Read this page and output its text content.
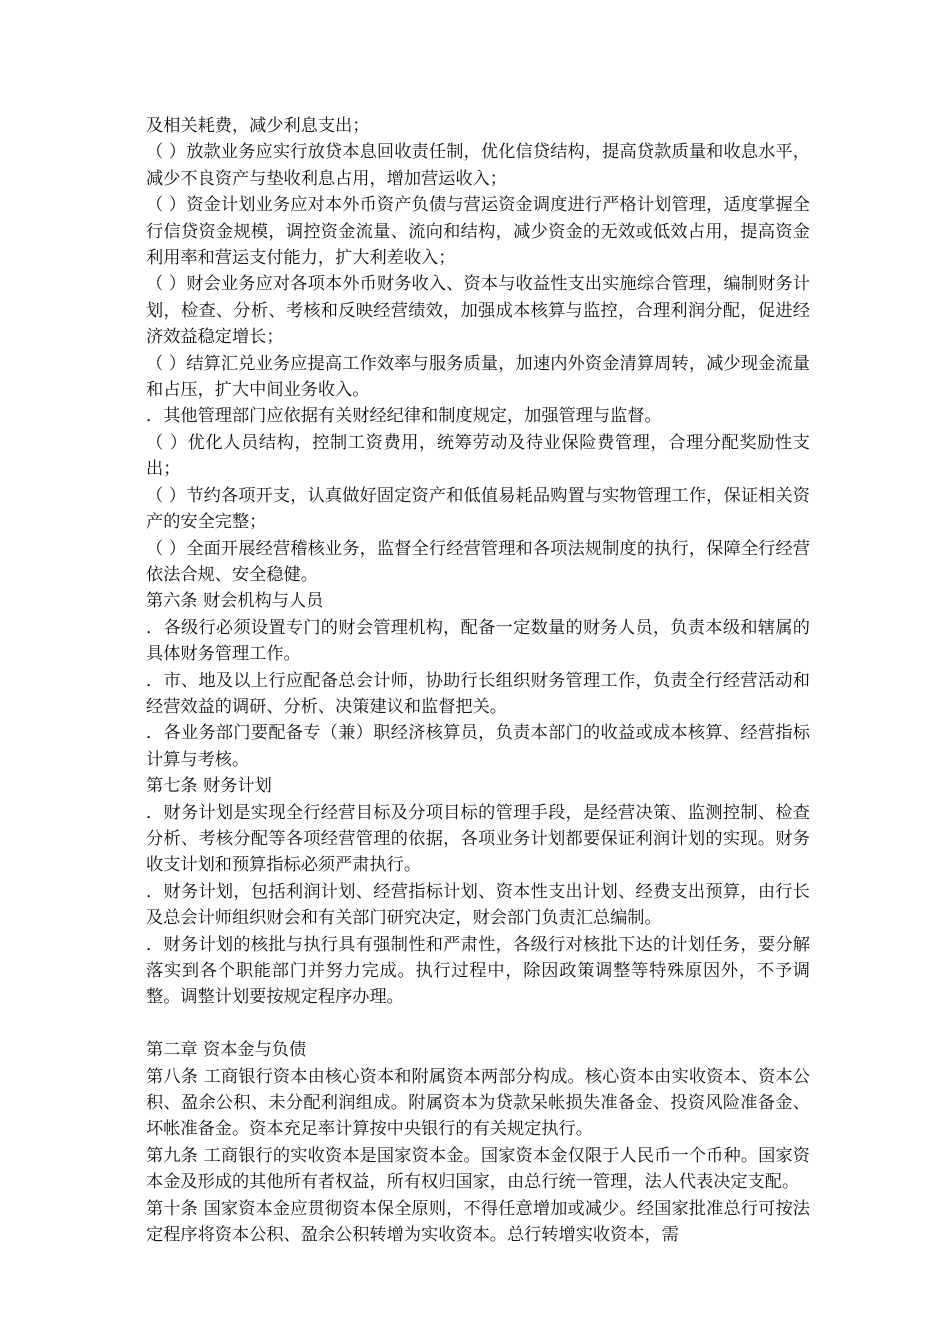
及相关耗费，减少利息支出；

（ ）放款业务应实行放贷本息回收责任制，优化信贷结构，提高贷款质量和收息水平，减少不良资产与垫收利息占用，增加营运收入；

（ ）资金计划业务应对本外币资产负债与营运资金调度进行严格计划管理，适度掌握全行信贷资金规模，调控资金流量、流向和结构，减少资金的无效或低效占用，提高资金利用率和营运支付能力，扩大利差收入；

（ ）财会业务应对各项本外币财务收入、资本与收益性支出实施综合管理，编制财务计划，检查、分析、考核和反映经营绩效，加强成本核算与监控，合理利润分配，促进经济效益稳定增长；

（ ）结算汇兑业务应提高工作效率与服务质量，加速内外资金清算周转，减少现金流量和占压，扩大中间业务收入。

．其他管理部门应依据有关财经纪律和制度规定，加强管理与监督。

（ ）优化人员结构，控制工资费用，统筹劳动及待业保险费管理，合理分配奖励性支出；

（ ）节约各项开支，认真做好固定资产和低值易耗品购置与实物管理工作，保证相关资产的安全完整；

（ ）全面开展经营稽核业务，监督全行经营管理和各项法规制度的执行，保障全行经营依法合规、安全稳健。

第六条 财会机构与人员

．各级行必须设置专门的财会管理机构，配备一定数量的财务人员，负责本级和辖属的具体财务管理工作。

．市、地及以上行应配备总会计师，协助行长组织财务管理工作，负责全行经营活动和经营效益的调研、分析、决策建议和监督把关。

．各业务部门要配备专（兼）职经济核算员，负责本部门的收益或成本核算、经营指标计算与考核。

第七条 财务计划

．财务计划是实现全行经营目标及分项目标的管理手段，是经营决策、监测控制、检查分析、考核分配等各项经营管理的依据，各项业务计划都要保证利润计划的实现。财务收支计划和预算指标必须严肃执行。

．财务计划，包括利润计划、经营指标计划、资本性支出计划、经费支出预算，由行长及总会计师组织财会和有关部门研究决定，财会部门负责汇总编制。

．财务计划的核批与执行具有强制性和严肃性，各级行对核批下达的计划任务，要分解落实到各个职能部门并努力完成。执行过程中，除因政策调整等特殊原因外，不予调整。调整计划要按规定程序办理。

第二章 资本金与负债

第八条 工商银行资本由核心资本和附属资本两部分构成。核心资本由实收资本、资本公积、盈余公积、未分配利润组成。附属资本为贷款呆帐损失准备金、投资风险准备金、坏帐准备金。资本充足率计算按中央银行的有关规定执行。

第九条 工商银行的实收资本是国家资本金。国家资本金仅限于人民币一个币种。国家资本金及形成的其他所有者权益，所有权归国家，由总行统一管理，法人代表决定支配。

第十条 国家资本金应贯彻资本保全原则，不得任意增加或减少。经国家批准总行可按法定程序将资本公积、盈余公积转增为实收资本。总行转增实收资本，需
